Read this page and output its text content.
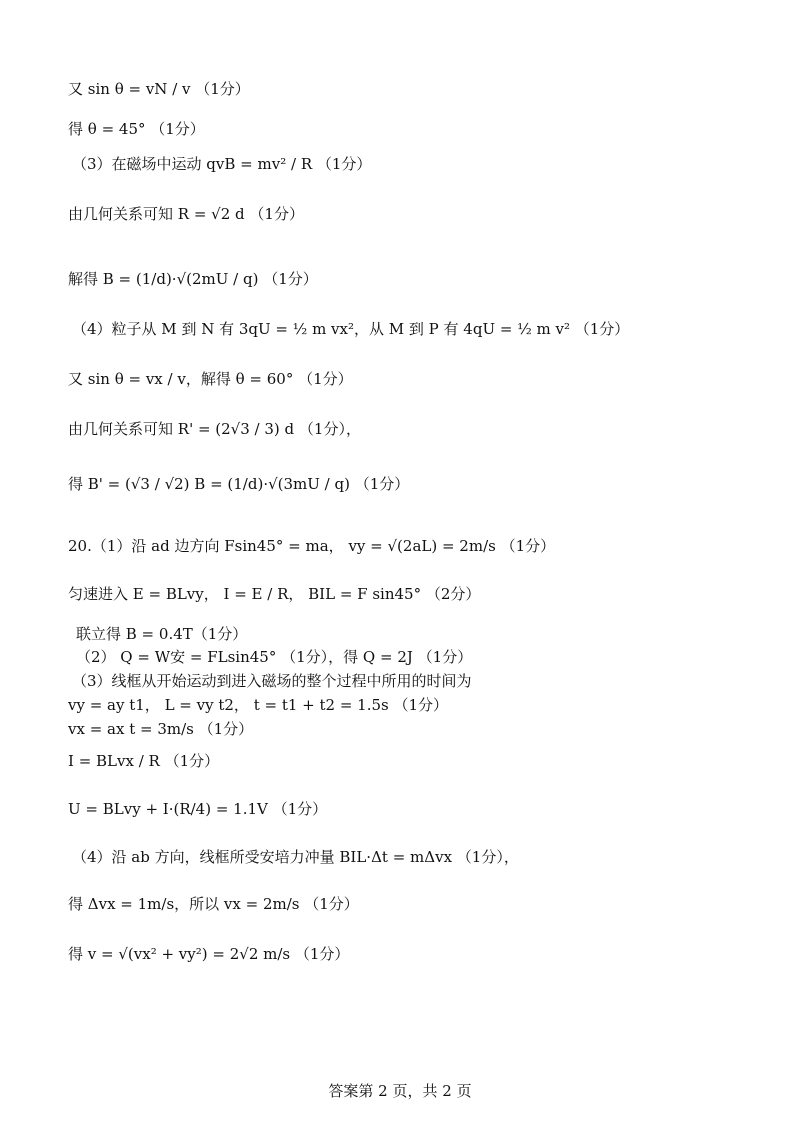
又 sin θ = vN / v （1分）
得 θ = 45° （1分）
（3）在磁场中运动 qvB = mv² / R （1分）
由几何关系可知 R = √2 d （1分）
解得 B = (1/d)·√(2mU / q) （1分）
（4）粒子从 M 到 N 有 3qU = ½ m vx²，从 M 到 P 有 4qU = ½ m v² （1分）
又 sin θ = vx / v，解得 θ = 60° （1分）
由几何关系可知 R' = (2√3 / 3) d （1分），
得 B' = (√3 / √2) B = (1/d)·√(3mU / q) （1分）
20.（1）沿 ad 边方向 Fsin45° = ma， vy = √(2aL) = 2m/s （1分）
匀速进入 E = BLvy， I = E / R， BIL = F sin45° （2分）
联立得 B = 0.4T（1分）
（2） Q = W安 = FLsin45° （1分），得 Q = 2J （1分）
（3）线框从开始运动到进入磁场的整个过程中所用的时间为
vy = ay t1， L = vy t2， t = t1 + t2 = 1.5s （1分）
vx = ax t = 3m/s （1分）
I = BLvx / R （1分）
U = BLvy + I·(R/4) = 1.1V （1分）
（4）沿 ab 方向，线框所受安培力冲量 BIL·Δt = mΔvx （1分），
得 Δvx = 1m/s，所以 vx = 2m/s （1分）
得 v = √(vx² + vy²) = 2√2 m/s （1分）
答案第 2 页，共 2 页
